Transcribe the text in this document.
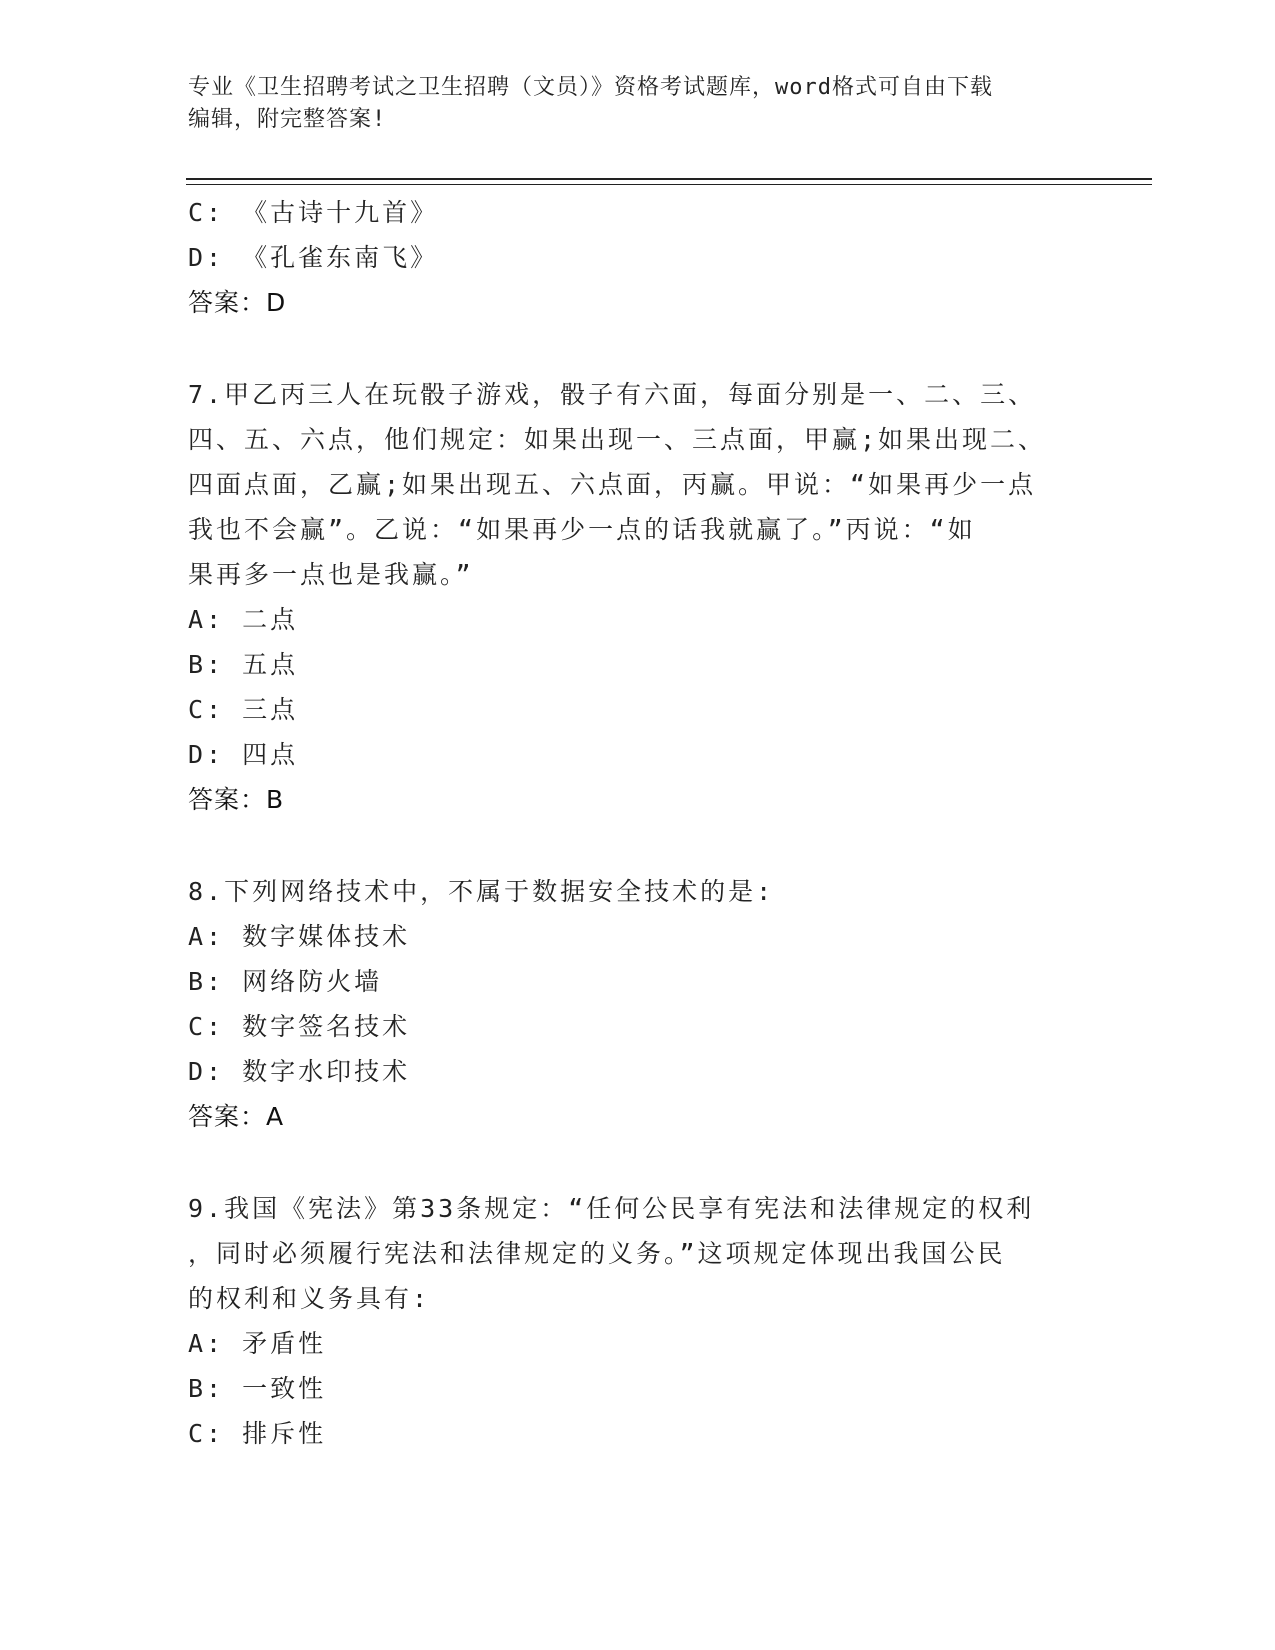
专业《卫生招聘考试之卫生招聘（文员）》资格考试题库，word格式可自由下载
编辑，附完整答案!
C: 《古诗十九首》
D: 《孔雀东南飞》
答案：D
7.甲乙丙三人在玩骰子游戏，骰子有六面，每面分别是一、二、三、
四、五、六点，他们规定：如果出现一、三点面，甲赢;如果出现二、
四面点面，乙赢;如果出现五、六点面，丙赢。甲说：“如果再少一点
我也不会赢”。乙说：“如果再少一点的话我就赢了。”丙说：“如
果再多一点也是我赢。”
A: 二点
B: 五点
C: 三点
D: 四点
答案：B
8.下列网络技术中，不属于数据安全技术的是:
A: 数字媒体技术
B: 网络防火墙
C: 数字签名技术
D: 数字水印技术
答案：A
9.我国《宪法》第33条规定：“任何公民享有宪法和法律规定的权利
，同时必须履行宪法和法律规定的义务。”这项规定体现出我国公民
的权利和义务具有:
A: 矛盾性
B: 一致性
C: 排斥性
